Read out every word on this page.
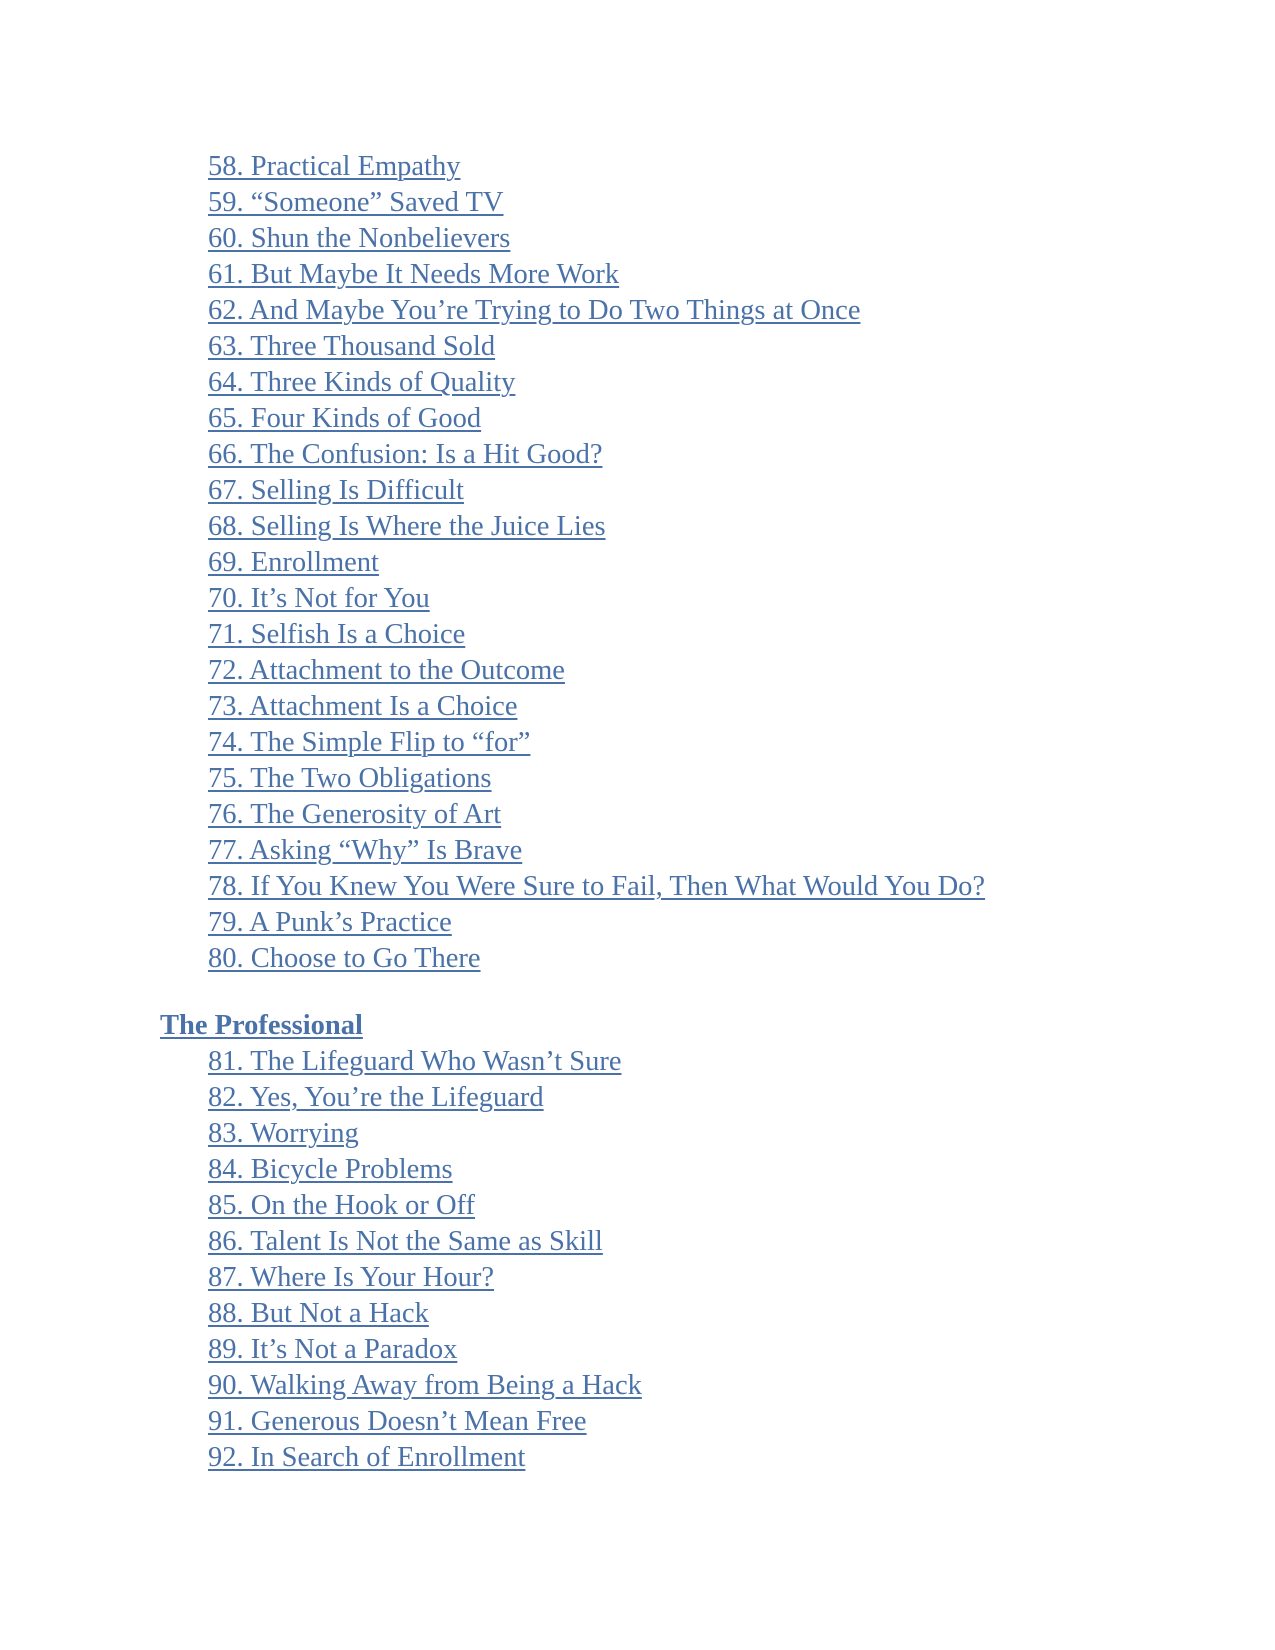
58. Practical Empathy
59. “Someone” Saved TV
60. Shun the Nonbelievers
61. But Maybe It Needs More Work
62. And Maybe You’re Trying to Do Two Things at Once
63. Three Thousand Sold
64. Three Kinds of Quality
65. Four Kinds of Good
66. The Confusion: Is a Hit Good?
67. Selling Is Difficult
68. Selling Is Where the Juice Lies
69. Enrollment
70. It’s Not for You
71. Selfish Is a Choice
72. Attachment to the Outcome
73. Attachment Is a Choice
74. The Simple Flip to “for”
75. The Two Obligations
76. The Generosity of Art
77. Asking “Why” Is Brave
78. If You Knew You Were Sure to Fail, Then What Would You Do?
79. A Punk’s Practice
80. Choose to Go There
The Professional
81. The Lifeguard Who Wasn’t Sure
82. Yes, You’re the Lifeguard
83. Worrying
84. Bicycle Problems
85. On the Hook or Off
86. Talent Is Not the Same as Skill
87. Where Is Your Hour?
88. But Not a Hack
89. It’s Not a Paradox
90. Walking Away from Being a Hack
91. Generous Doesn’t Mean Free
92. In Search of Enrollment
